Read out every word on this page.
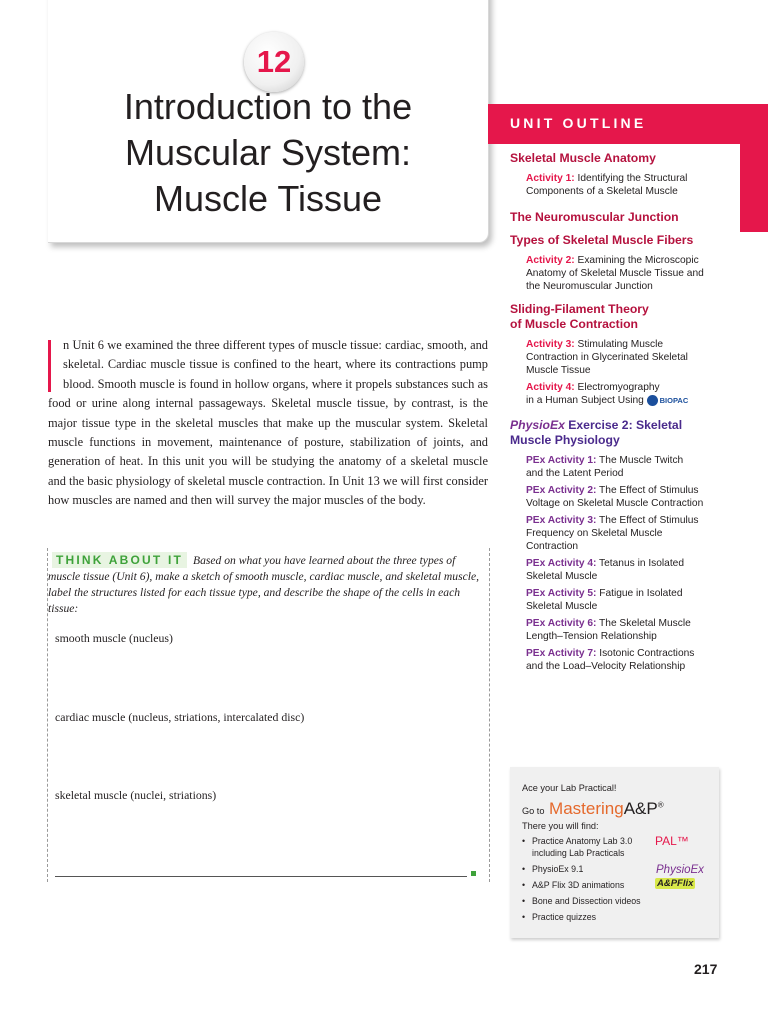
12
Introduction to the
Muscular System:
Muscle Tissue
UNIT OUTLINE
Skeletal Muscle Anatomy
Activity 1: Identifying the Structural
Components of a Skeletal Muscle
The Neuromuscular Junction
Types of Skeletal Muscle Fibers
Activity 2: Examining the Microscopic
Anatomy of Skeletal Muscle Tissue and
the Neuromuscular Junction
Sliding-Filament Theory
of Muscle Contraction
Activity 3: Stimulating Muscle
Contraction in Glycerinated Skeletal
Muscle Tissue
Activity 4: Electromyography
in a Human Subject Using BIOPAC
PhysioEx Exercise 2: Skeletal
Muscle Physiology
PEx Activity 1: The Muscle Twitch
and the Latent Period
PEx Activity 2: The Effect of Stimulus
Voltage on Skeletal Muscle Contraction
PEx Activity 3: The Effect of Stimulus
Frequency on Skeletal Muscle
Contraction
PEx Activity 4: Tetanus in Isolated
Skeletal Muscle
PEx Activity 5: Fatigue in Isolated
Skeletal Muscle
PEx Activity 6: The Skeletal Muscle
Length–Tension Relationship
PEx Activity 7: Isotonic Contractions
and the Load–Velocity Relationship
n Unit 6 we examined the three different types of muscle tissue: cardiac, smooth, and skeletal. Cardiac muscle tissue is confined to the heart, where its contractions pump blood. Smooth muscle is found in hollow organs, where it propels substances such as food or urine along internal passageways. Skeletal muscle tissue, by contrast, is the major tissue type in the skeletal muscles that make up the muscular system. Skeletal muscle functions in movement, maintenance of posture, stabilization of joints, and generation of heat. In this unit you will be studying the anatomy of a skeletal muscle and the basic physiology of skeletal muscle contraction. In Unit 13 we will first consider how muscles are named and then will survey the major muscles of the body.
THINK ABOUT IT Based on what you have learned about the three types of muscle tissue (Unit 6), make a sketch of smooth muscle, cardiac muscle, and skeletal muscle, label the structures listed for each tissue type, and describe the shape of the cells in each tissue:
smooth muscle (nucleus)
cardiac muscle (nucleus, striations, intercalated disc)
skeletal muscle (nuclei, striations)	Ace your Lab Practical!
Go to MasteringA&P®
There you will find:
• Practice Anatomy Lab 3.0 including Lab Practicals
• PhysioEx 9.1
• A&P Flix 3D animations
• Bone and Dissection videos
• Practice quizzes
PAL™
PhysioEx
A&PFlix
217
